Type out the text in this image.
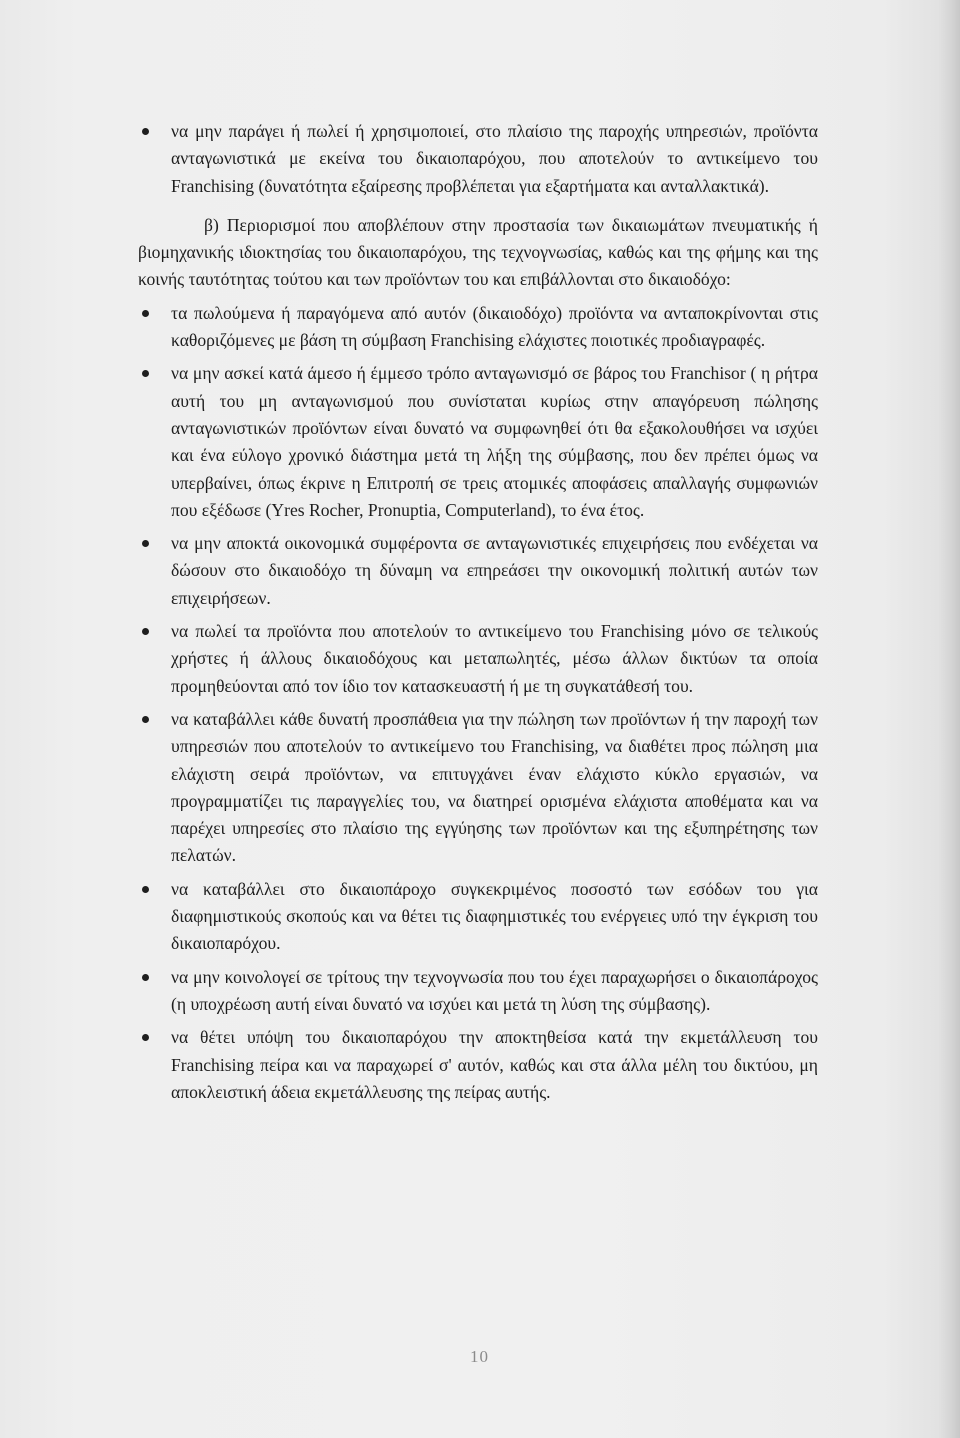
να μην παράγει ή πωλεί ή χρησιμοποιεί, στο πλαίσιο της παροχής υπηρεσιών, προϊόντα ανταγωνιστικά με εκείνα του δικαιοπαρόχου, που αποτελούν το αντικείμενο του Franchising (δυνατότητα εξαίρεσης προβλέπεται για εξαρτήματα και ανταλλακτικά).

β) Περιορισμοί που αποβλέπουν στην προστασία των δικαιωμάτων πνευματικής ή βιομηχανικής ιδιοκτησίας του δικαιοπαρόχου, της τεχνογνωσίας, καθώς και της φήμης και της κοινής ταυτότητας τούτου και των προϊόντων του και επιβάλλονται στο δικαιοδόχο:

τα πωλούμενα ή παραγόμενα από αυτόν (δικαιοδόχο) προϊόντα να ανταποκρίνονται στις καθοριζόμενες με βάση τη σύμβαση Franchising ελάχιστες ποιοτικές προδιαγραφές.
να μην ασκεί κατά άμεσο ή έμμεσο τρόπο ανταγωνισμό σε βάρος του Franchisor ( η ρήτρα αυτή του μη ανταγωνισμού που συνίσταται κυρίως στην απαγόρευση πώλησης ανταγωνιστικών προϊόντων είναι δυνατό να συμφωνηθεί ότι θα εξακολουθήσει να ισχύει και ένα εύλογο χρονικό διάστημα μετά τη λήξη της σύμβασης, που δεν πρέπει όμως να υπερβαίνει, όπως έκρινε η Επιτροπή σε τρεις ατομικές αποφάσεις απαλλαγής συμφωνιών που εξέδωσε (Yres Rocher, Pronuptia, Computerland), το ένα έτος.
να μην αποκτά οικονομικά συμφέροντα σε ανταγωνιστικές επιχειρήσεις που ενδέχεται να δώσουν στο δικαιοδόχο τη δύναμη να επηρεάσει την οικονομική πολιτική αυτών των επιχειρήσεων.
να πωλεί τα προϊόντα που αποτελούν το αντικείμενο του Franchising μόνο σε τελικούς χρήστες ή άλλους δικαιοδόχους και μεταπωλητές, μέσω άλλων δικτύων τα οποία προμηθεύονται από τον ίδιο τον κατασκευαστή ή με τη συγκατάθεσή του.
να καταβάλλει κάθε δυνατή προσπάθεια για την πώληση των προϊόντων ή την παροχή των υπηρεσιών που αποτελούν το αντικείμενο του Franchising, να διαθέτει προς πώληση μια ελάχιστη σειρά προϊόντων, να επιτυγχάνει έναν ελάχιστο κύκλο εργασιών, να προγραμματίζει τις παραγγελίες του, να διατηρεί ορισμένα ελάχιστα αποθέματα και να παρέχει υπηρεσίες στο πλαίσιο της εγγύησης των προϊόντων και της εξυπηρέτησης των πελατών.
να καταβάλλει στο δικαιοπάροχο συγκεκριμένος ποσοστό των εσόδων του για διαφημιστικούς σκοπούς και να θέτει τις διαφημιστικές του ενέργειες υπό την έγκριση του δικαιοπαρόχου.
να μην κοινολογεί σε τρίτους την τεχνογνωσία που του έχει παραχωρήσει ο δικαιοπάροχος (η υποχρέωση αυτή είναι δυνατό να ισχύει και μετά τη λύση της σύμβασης).
να θέτει υπόψη του δικαιοπαρόχου την αποκτηθείσα κατά την εκμετάλλευση του Franchising πείρα και να παραχωρεί σ' αυτόν, καθώς και στα άλλα μέλη του δικτύου, μη αποκλειστική άδεια εκμετάλλευσης της πείρας αυτής.
10
